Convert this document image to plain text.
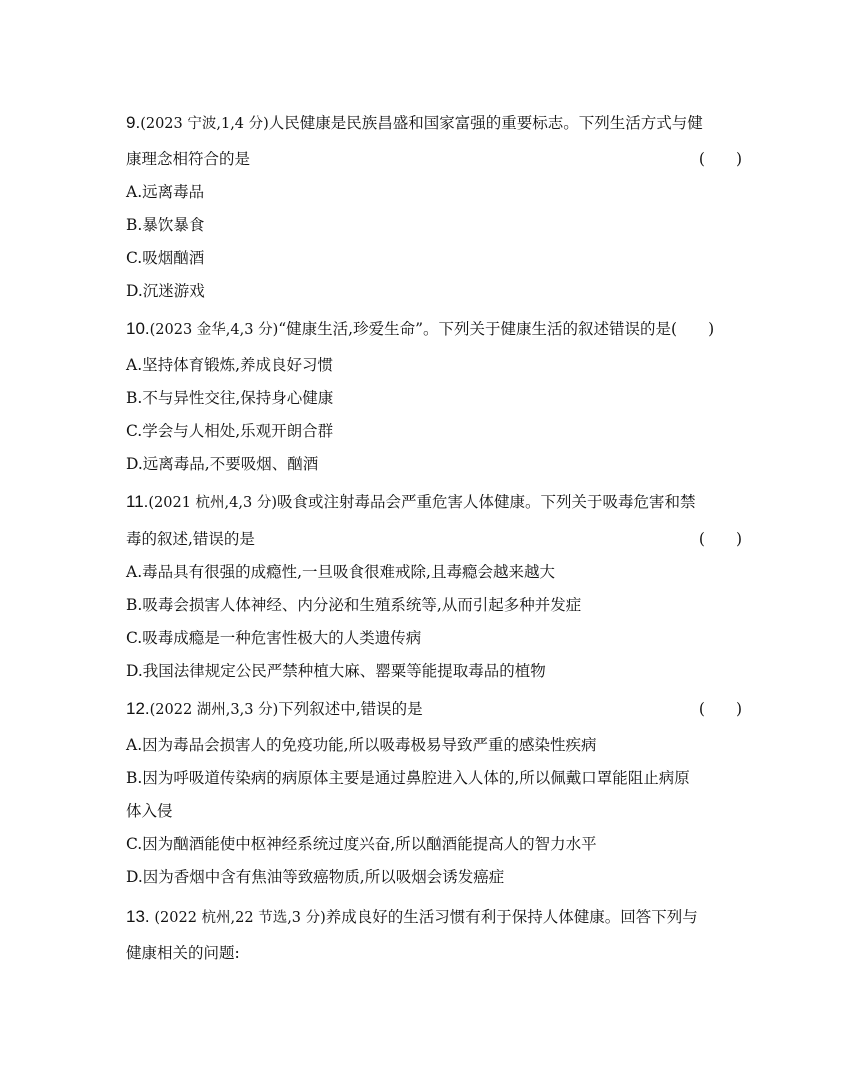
9.(2023 宁波,1,4 分)人民健康是民族昌盛和国家富强的重要标志。下列生活方式与健
康理念相符合的是	(　　)
A.远离毒品
B.暴饮暴食
C.吸烟酗酒
D.沉迷游戏
10.(2023 金华,4,3 分)“健康生活,珍爱生命”。下列关于健康生活的叙述错误的是(　　)
A.坚持体育锻炼,养成良好习惯
B.不与异性交往,保持身心健康
C.学会与人相处,乐观开朗合群
D.远离毒品,不要吸烟、酗酒
11.(2021 杭州,4,3 分)吸食或注射毒品会严重危害人体健康。下列关于吸毒危害和禁
毒的叙述,错误的是	(　　)
A.毒品具有很强的成瘾性,一旦吸食很难戒除,且毒瘾会越来越大
B.吸毒会损害人体神经、内分泌和生殖系统等,从而引起多种并发症
C.吸毒成瘾是一种危害性极大的人类遗传病
D.我国法律规定公民严禁种植大麻、罂粟等能提取毒品的植物
12.(2022 湖州,3,3 分)下列叙述中,错误的是	(　　)
A.因为毒品会损害人的免疫功能,所以吸毒极易导致严重的感染性疾病
B.因为呼吸道传染病的病原体主要是通过鼻腔进入人体的,所以佩戴口罩能阻止病原
体入侵
C.因为酗酒能使中枢神经系统过度兴奋,所以酗酒能提高人的智力水平
D.因为香烟中含有焦油等致癌物质,所以吸烟会诱发癌症
13. (2022 杭州,22 节选,3 分)养成良好的生活习惯有利于保持人体健康。回答下列与
健康相关的问题:
